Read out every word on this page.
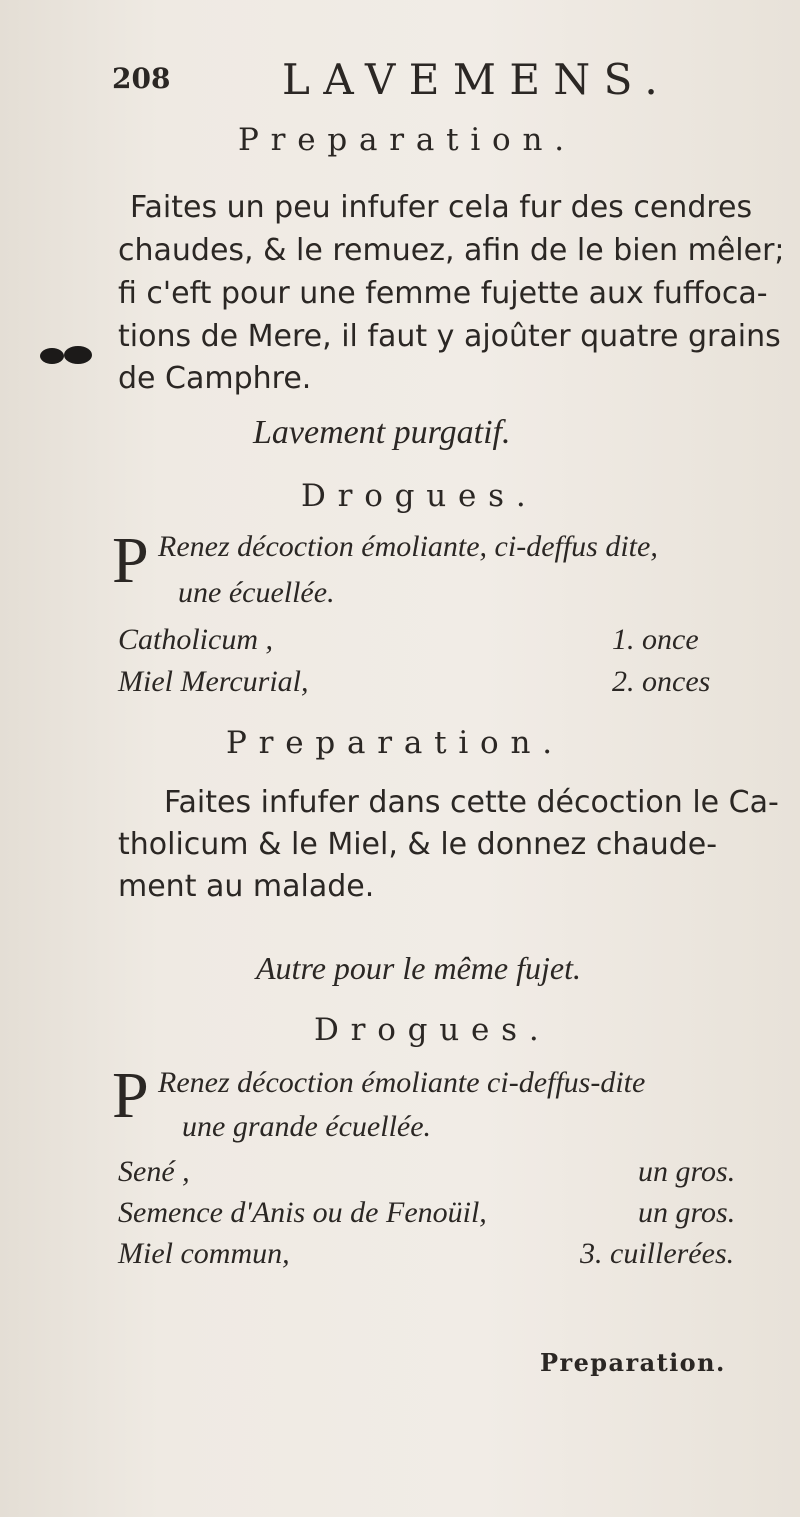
208	LAVEMENS.
Preparation.
Faites un peu infufer cela fur des cendres
chaudes, & le remuez, afin de le bien mêler;
fi c'eft pour une femme fujette aux fuffoca-
tions de Mere, il faut y ajoûter quatre grains
de Camphre.
Lavement purgatif.
Drogues.
P Renez décoction émoliante, ci-deffus dite,
une écuellée.
Catholicum ,	1. once
Miel Mercurial,	2. onces
Preparation.
Faites infufer dans cette décoction le Ca-
tholicum & le Miel, & le donnez chaude-
ment au malade.
Autre pour le même fujet.
Drogues.
P Renez décoction émoliante ci-deffus-dite
une grande écuellée.
Sené ,	un gros.
Semence d'Anis ou de Fenoüil,	un gros.
Miel commun,	3. cuillerées.
Preparation.
